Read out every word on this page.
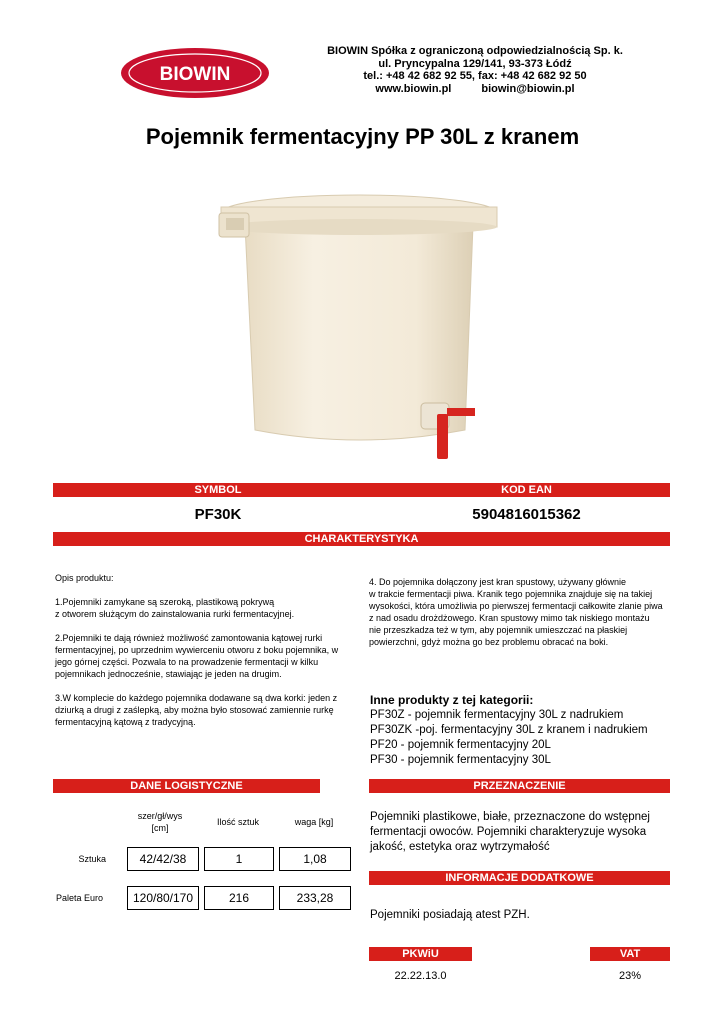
BIOWIN
BIOWIN Spółka z ograniczoną odpowiedzialnością Sp. k.
ul. Pryncypalna 129/141, 93-373 Łódź
tel.: +48 42 682 92 55, fax: +48 42 682 92 50
www.biowin.pl	biowin@biowin.pl
Pojemnik fermentacyjny PP 30L z kranem
SYMBOL	KOD EAN
PF30K	5904816015362
CHARAKTERYSTYKA
Opis produktu:
1.Pojemniki zamykane są szeroką, plastikową pokrywą
z otworem służącym do zainstalowania rurki fermentacyjnej.
2.Pojemniki te dają również możliwość zamontowania kątowej rurki
fermentacyjnej, po uprzednim wywierceniu otworu z boku pojemnika, w
jego górnej części. Pozwala to na prowadzenie fermentacji w kilku
pojemnikach jednocześnie, stawiając je jeden na drugim.
3.W komplecie do każdego pojemnika dodawane są dwa korki: jeden z
dziurką a drugi z zaślepką, aby można było stosować zamiennie rurkę
fermentacyjną kątową z tradycyjną.
4. Do pojemnika dołączony jest kran spustowy, używany głównie
w trakcie fermentacji piwa. Kranik tego pojemnika znajduje się na takiej
wysokości, która umożliwia po pierwszej fermentacji całkowite zlanie piwa
z nad osadu drożdżowego. Kran spustowy mimo tak niskiego montażu
nie przeszkadza też w tym, aby pojemnik umieszczać na płaskiej
powierzchni, gdyż można go bez problemu obracać na boki.
Inne produkty z tej kategorii:
PF30Z - pojemnik fermentacyjny 30L z nadrukiem
PF30ZK -poj. fermentacyjny 30L z kranem i nadrukiem
PF20 - pojemnik fermentacyjny 20L
PF30 - pojemnik fermentacyjny 30L
DANE LOGISTYCZNE
szer/gł/wys
[cm]
Ilość sztuk	waga [kg]
Sztuka	42/42/38	1	1,08
Paleta Euro	120/80/170	216	233,28
PRZEZNACZENIE
Pojemniki plastikowe, białe, przeznaczone do wstępnej
fermentacji owoców. Pojemniki charakteryzuje wysoka
jakość, estetyka oraz wytrzymałość
INFORMACJE DODATKOWE
Pojemniki posiadają atest PZH.
PKWiU	VAT
22.22.13.0	23%
